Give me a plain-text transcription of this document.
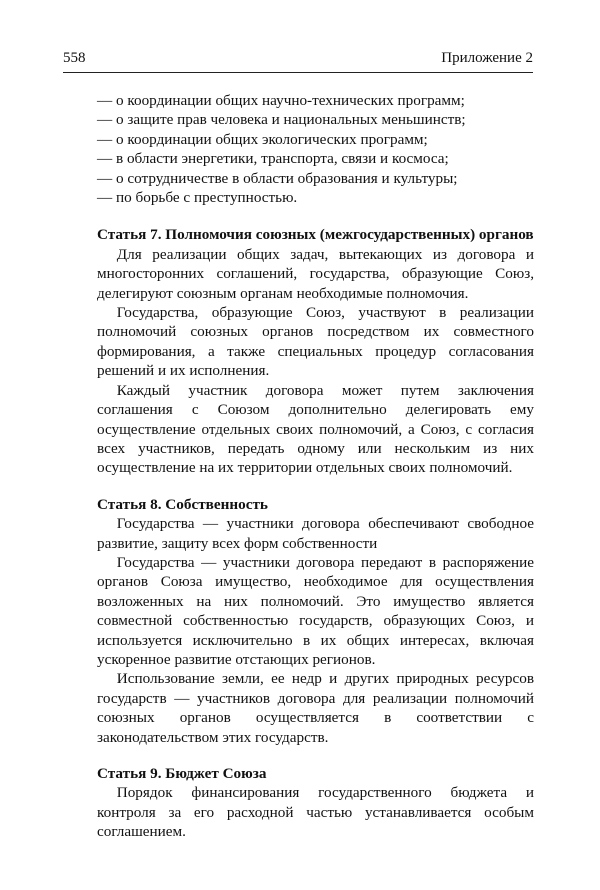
558	Приложение 2
— о координации общих научно-технических программ;
— о защите прав человека и национальных меньшинств;
— о координации общих экологических программ;
— в области энергетики, транспорта, связи и космоса;
— о сотрудничестве в области образования и культуры;
— по борьбе с преступностью.

Статья 7. Полномочия союзных (межгосударственных) органов

Для реализации общих задач, вытекающих из договора и многосторонних соглашений, государства, образующие Союз, делегируют союзным органам необходимые полномочия.

Государства, образующие Союз, участвуют в реализации полномочий союзных органов посредством их совместного формирования, а также специальных процедур согласования решений и их исполнения.

Каждый участник договора может путем заключения соглашения с Союзом дополнительно делегировать ему осуществление отдельных своих полномочий, а Союз, с согласия всех участников, передать одному или нескольким из них осуществление на их территории отдельных своих полномочий.

Статья 8. Собственность

Государства — участники договора обеспечивают свободное развитие, защиту всех форм собственности

Государства — участники договора передают в распоряжение органов Союза имущество, необходимое для осуществления возложенных на них полномочий. Это имущество является совместной собственностью государств, образующих Союз, и используется исключительно в их общих интересах, включая ускоренное развитие отстающих регионов.

Использование земли, ее недр и других природных ресурсов государств — участников договора для реализации полномочий союзных органов осуществляется в соответствии с законодательством этих государств.

Статья 9. Бюджет Союза

Порядок финансирования государственного бюджета и контроля за его расходной частью устанавливается особым соглашением.
